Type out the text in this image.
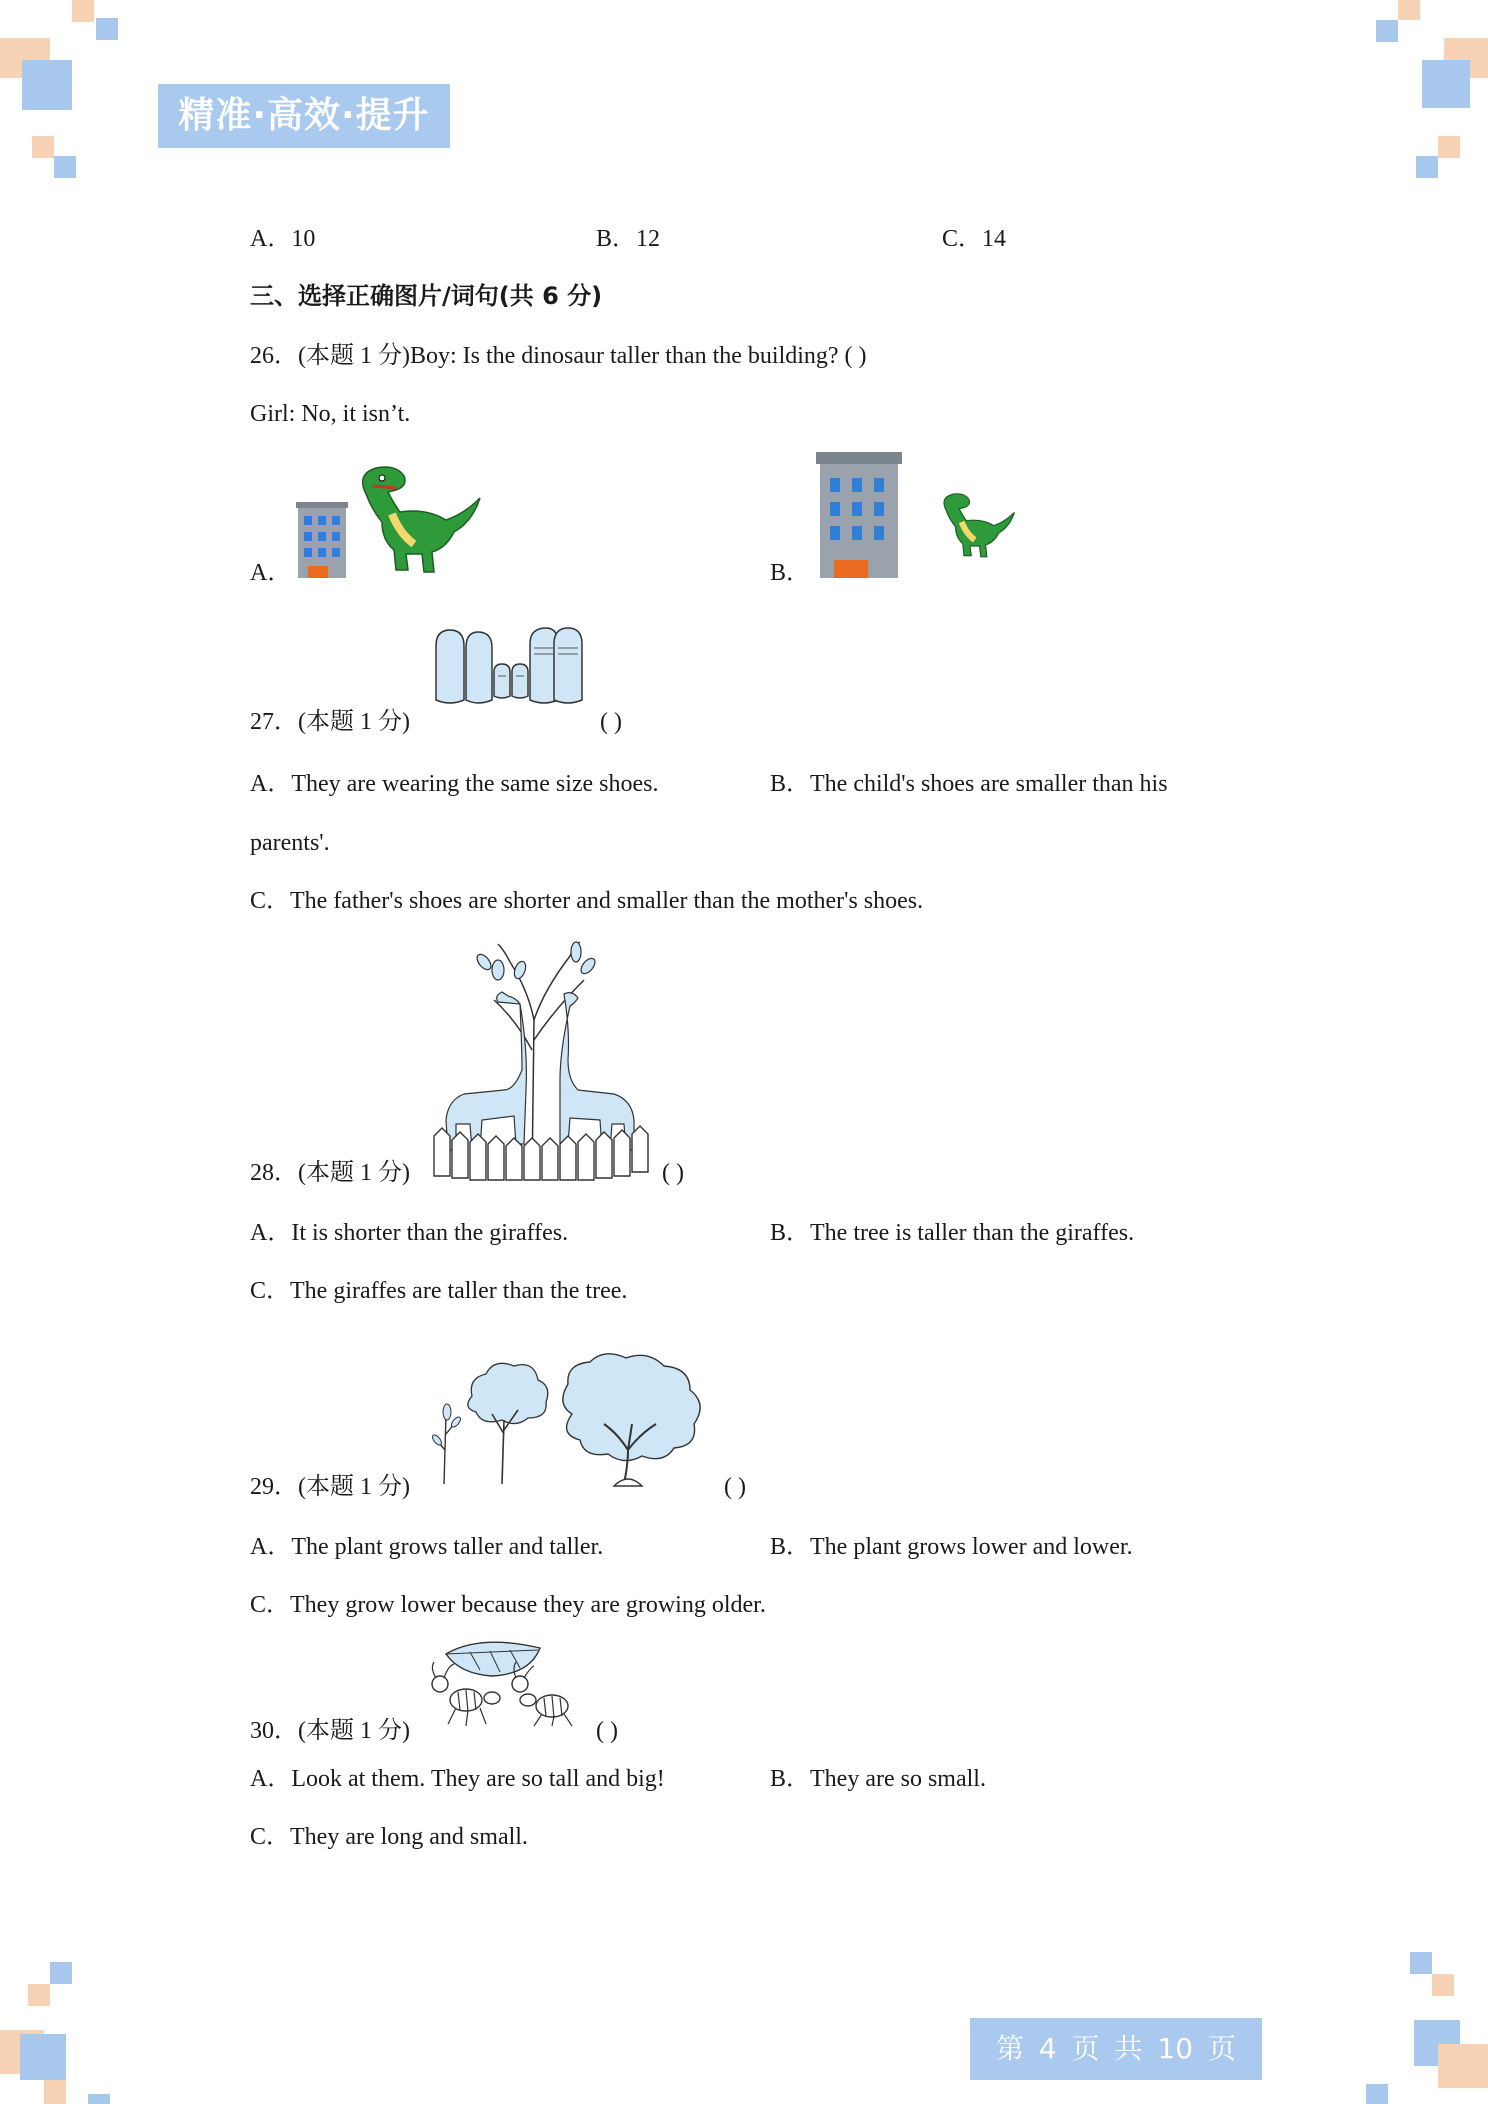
精准·高效·提升
A．10	B．12	C．14
三、选择正确图片/词句(共 6 分)
26．(本题 1 分)Boy: Is the dinosaur taller than the building? ( )
Girl: No, it isn’t.
A．	B．
27．(本题 1 分)	( )
A．They are wearing the same size shoes.	B．The child's shoes are smaller than his
parents'.
C．The father's shoes are shorter and smaller than the mother's shoes.
28．(本题 1 分)	( )
A．It is shorter than the giraffes.	B．The tree is taller than the giraffes.
C．The giraffes are taller than the tree.
29．(本题 1 分)	( )
A．The plant grows taller and taller.	B．The plant grows lower and lower.
C．They grow lower because they are growing older.
30．(本题 1 分)	( )
A．Look at them. They are so tall and big!	B．They are so small.
C．They are long and small.
第 4 页 共 10 页
